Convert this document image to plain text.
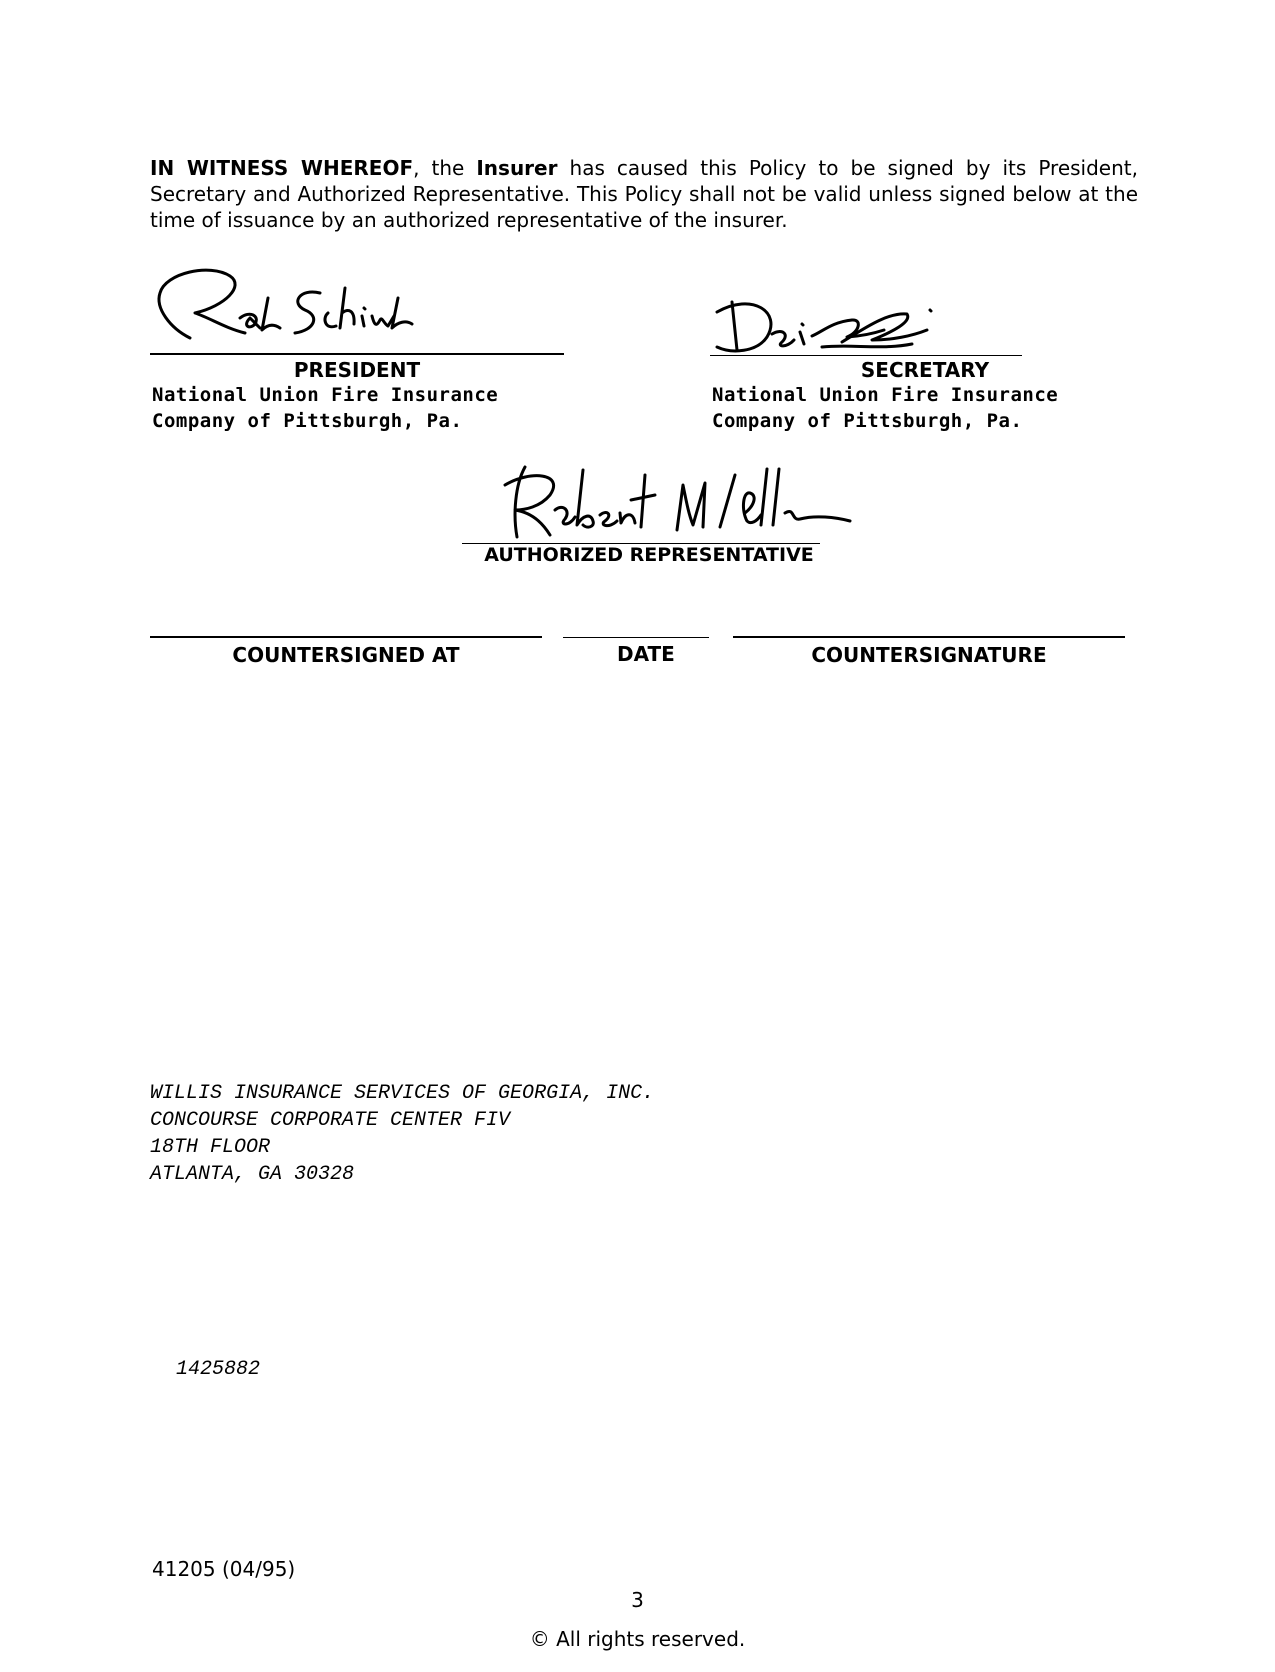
IN WITNESS WHEREOF, the Insurer has caused this Policy to be signed by its President, Secretary and Authorized Representative. This Policy shall not be valid unless signed below at the time of issuance by an authorized representative of the insurer.
PRESIDENT
National Union Fire Insurance
Company of Pittsburgh, Pa.
SECRETARY
National Union Fire Insurance
Company of Pittsburgh, Pa.
AUTHORIZED REPRESENTATIVE
COUNTERSIGNED AT	DATE	COUNTERSIGNATURE
WILLIS INSURANCE SERVICES OF GEORGIA, INC.
CONCOURSE CORPORATE CENTER FIV
18TH FLOOR
ATLANTA, GA 30328
1425882
41205 (04/95)
3
© All rights reserved.
